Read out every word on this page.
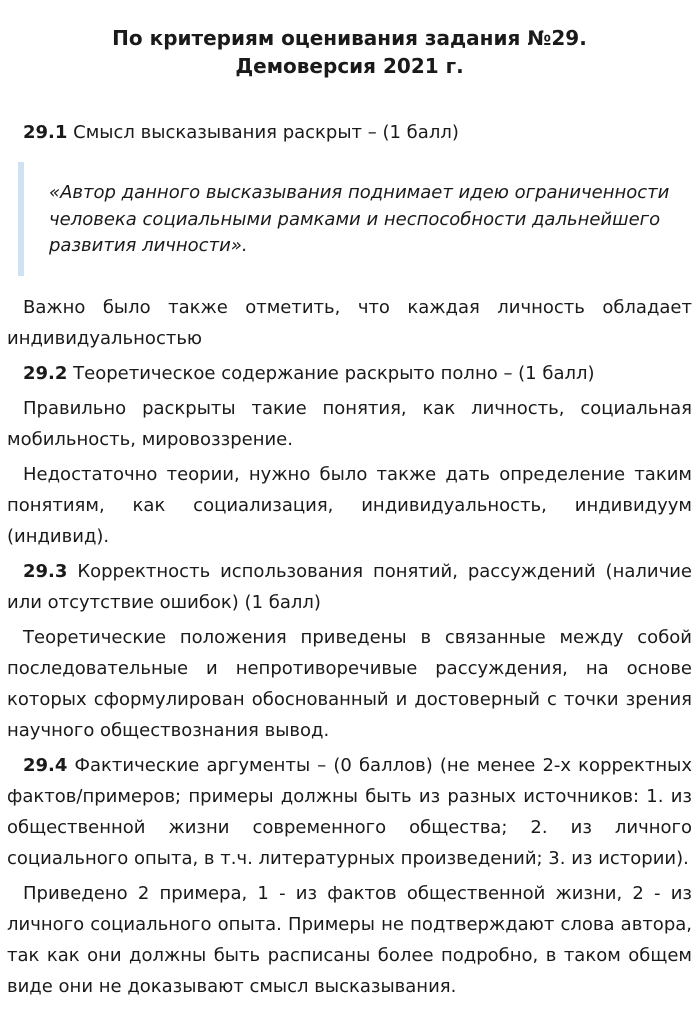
По критериям оценивания задания №29.
Демоверсия 2021 г.

29.1 Смысл высказывания раскрыт – (1 балл)

«Автор данного высказывания поднимает идею ограниченности человека социальными рамками и неспособности дальнейшего развития личности».

Важно было также отметить, что каждая личность обладает индивидуальностью

29.2 Теоретическое содержание раскрыто полно – (1 балл)

Правильно раскрыты такие понятия, как личность, социальная мобильность, мировоззрение.

Недостаточно теории, нужно было также дать определение таким понятиям, как социализация, индивидуальность, индивидуум (индивид).

29.3 Корректность использования понятий, рассуждений (наличие или отсутствие ошибок) (1 балл)

Теоретические положения приведены в связанные между собой последовательные и непротиворечивые рассуждения, на основе которых сформулирован обоснованный и достоверный с точки зрения научного обществознания вывод.

29.4 Фактические аргументы – (0 баллов) (не менее 2-х корректных фактов/примеров; примеры должны быть из разных источников: 1. из общественной жизни современного общества; 2. из личного социального опыта, в т.ч. литературных произведений; 3. из истории).

Приведено 2 примера, 1 - из фактов общественной жизни, 2 - из личного социального опыта. Примеры не подтверждают слова автора, так как они должны быть расписаны более подробно, в таком общем виде они не доказывают смысл высказывания.
